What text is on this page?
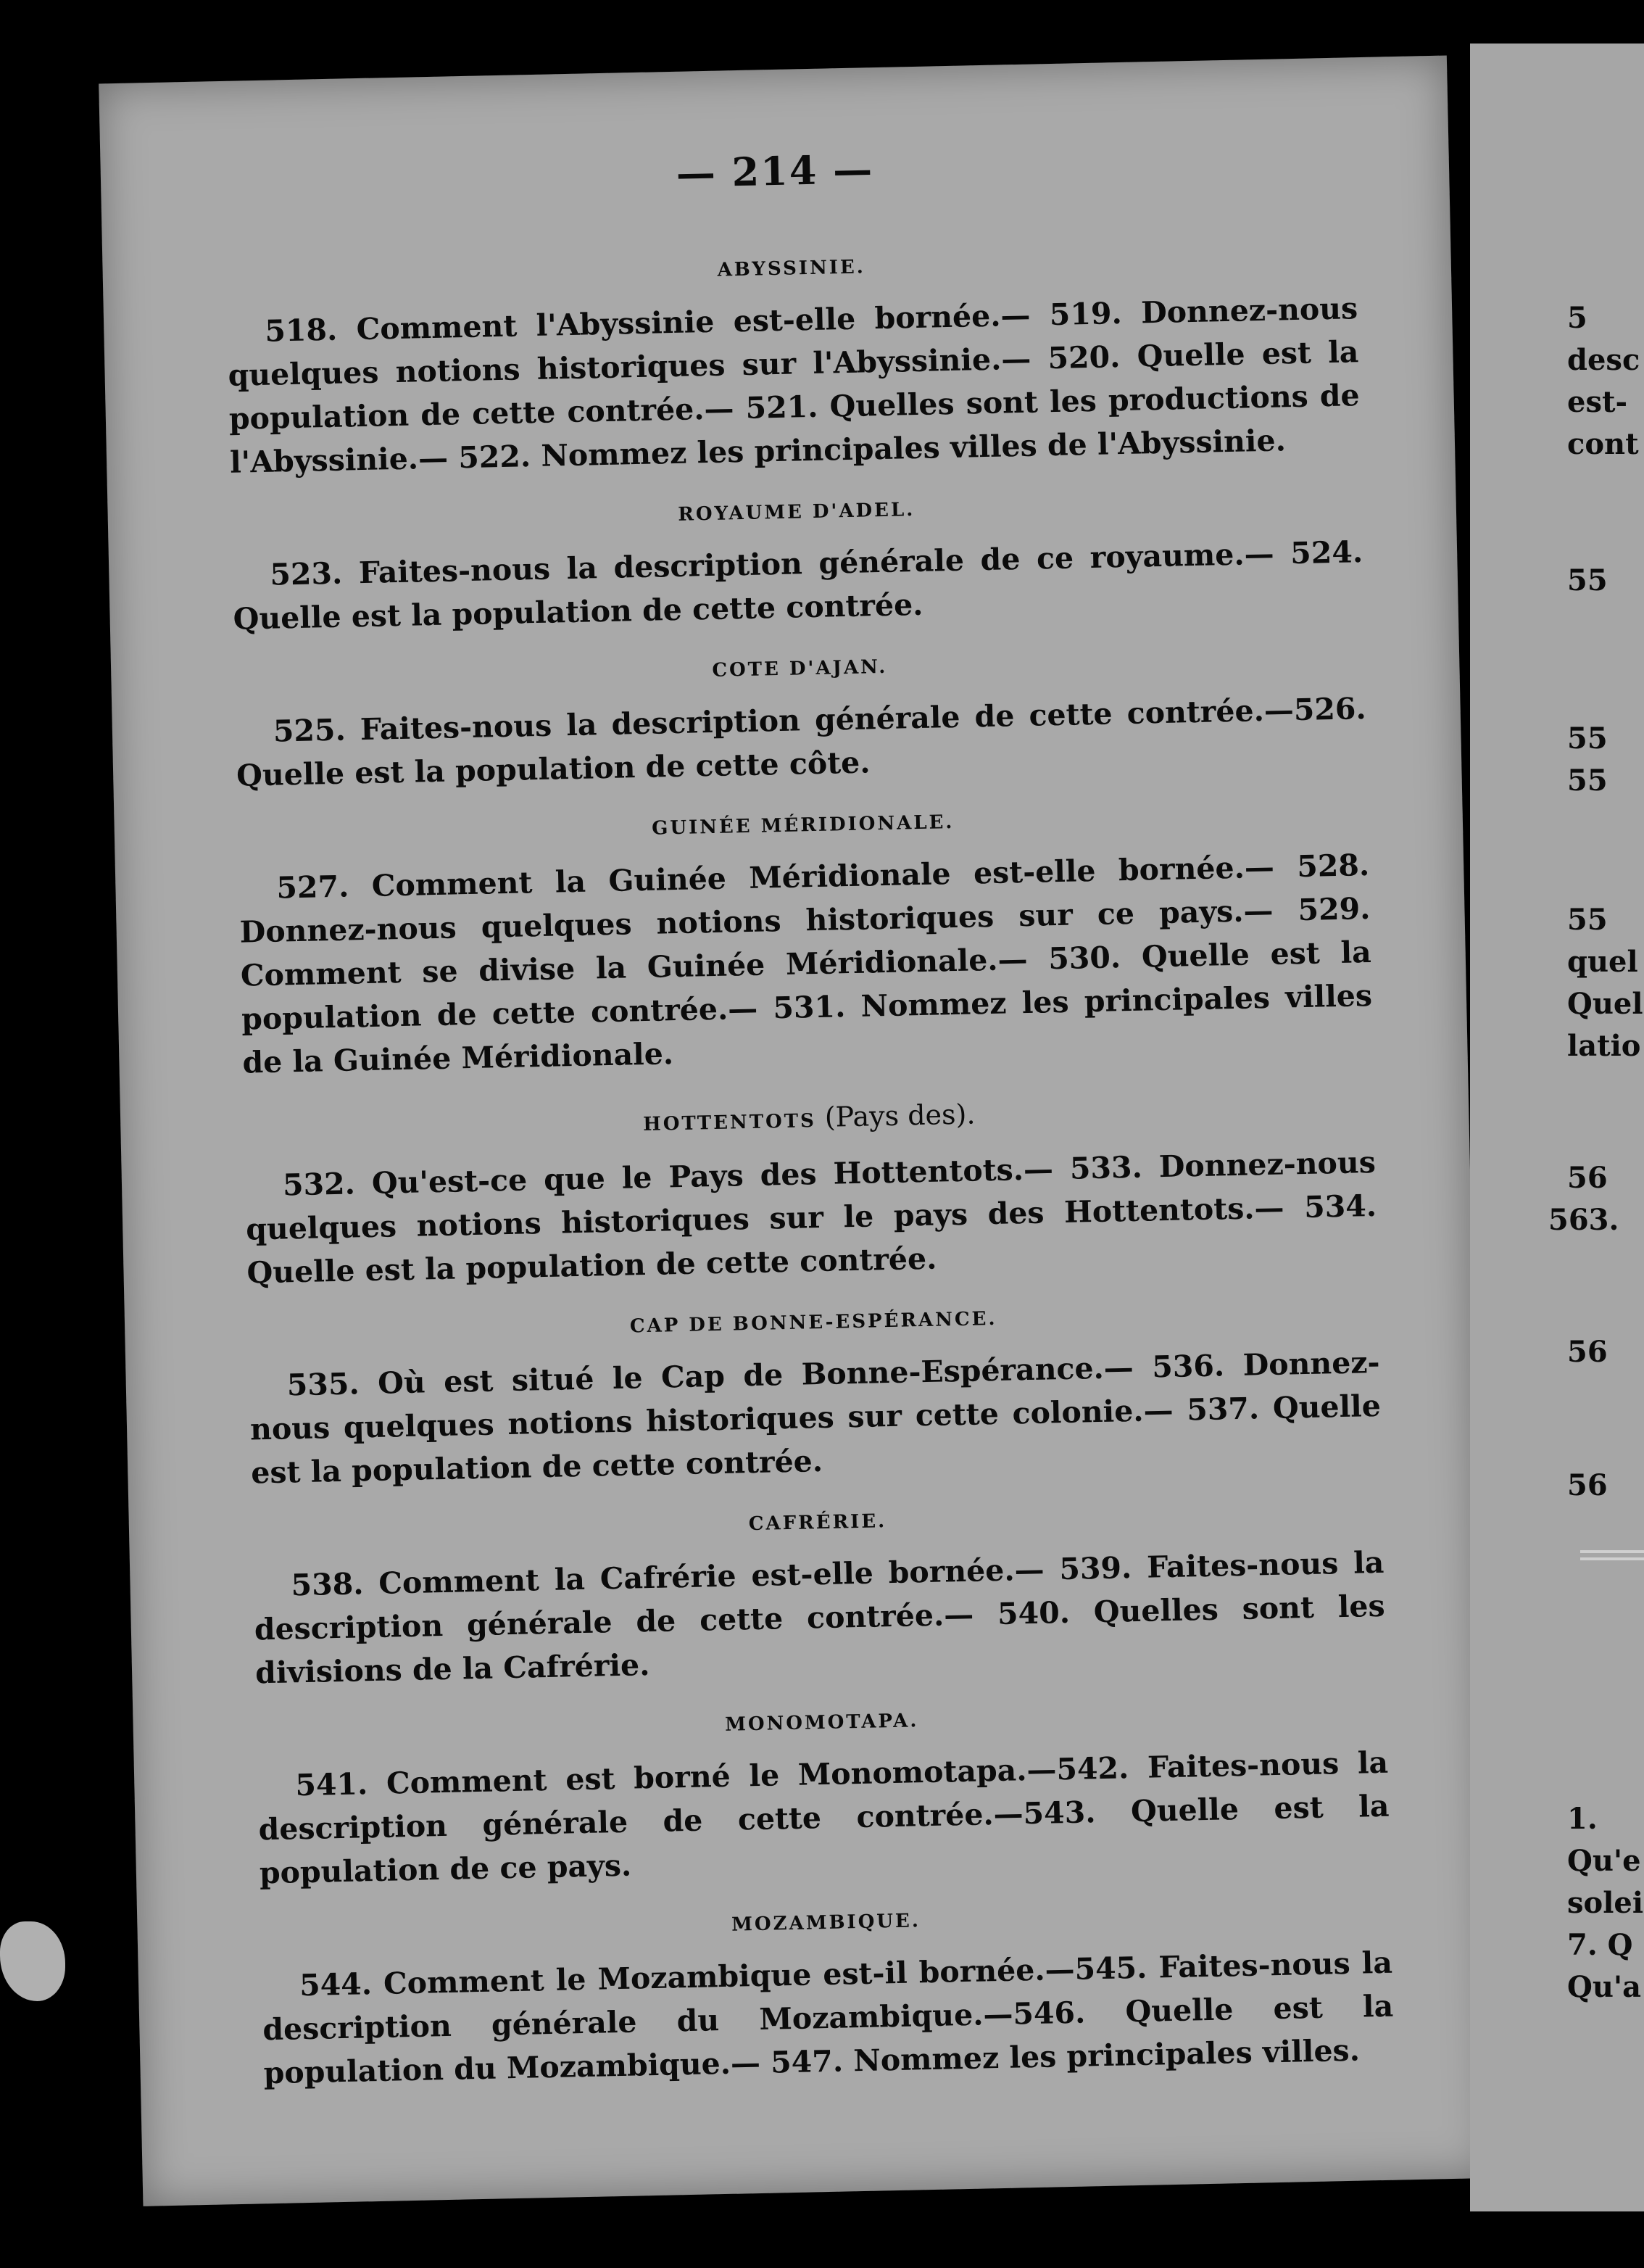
— 214 —
ABYSSINIE.

518. Comment l'Abyssinie est-elle bornée.— 519. Donnez-nous quelques notions historiques sur l'Abyssinie.— 520. Quelle est la population de cette contrée.— 521. Quelles sont les productions de l'Abyssinie.— 522. Nommez les principales villes de l'Abyssinie.

ROYAUME D'ADEL.

523. Faites-nous la description générale de ce royaume.— 524. Quelle est la population de cette contrée.

COTE D'AJAN.

525. Faites-nous la description générale de cette contrée.—526. Quelle est la population de cette côte.

GUINÉE MÉRIDIONALE.

527. Comment la Guinée Méridionale est-elle bornée.— 528. Donnez-nous quelques notions historiques sur ce pays.— 529. Comment se divise la Guinée Méridionale.— 530. Quelle est la population de cette contrée.— 531. Nommez les principales villes de la Guinée Méridionale.

HOTTENTOTS (Pays des).

532. Qu'est-ce que le Pays des Hottentots.— 533. Donnez-nous quelques notions historiques sur le pays des Hottentots.— 534. Quelle est la population de cette contrée.

CAP DE BONNE-ESPÉRANCE.

535. Où est situé le Cap de Bonne-Espérance.— 536. Donnez-nous quelques notions historiques sur cette colonie.— 537. Quelle est la population de cette contrée.

CAFRÉRIE.

538. Comment la Cafrérie est-elle bornée.— 539. Faites-nous la description générale de cette contrée.— 540. Quelles sont les divisions de la Cafrérie.

MONOMOTAPA.

541. Comment est borné le Monomotapa.—542. Faites-nous la description générale de cette contrée.—543. Quelle est la population de ce pays.

MOZAMBIQUE.

544. Comment le Mozambique est-il bornée.—545. Faites-nous la description générale du Mozambique.—546. Quelle est la population du Mozambique.— 547. Nommez les principales villes.

5
desc
est-
cont
55
55
55
55
quel
Quel
latio
56
563.
56
56
1.
Qu'e
solei
7. Q
Qu'a
